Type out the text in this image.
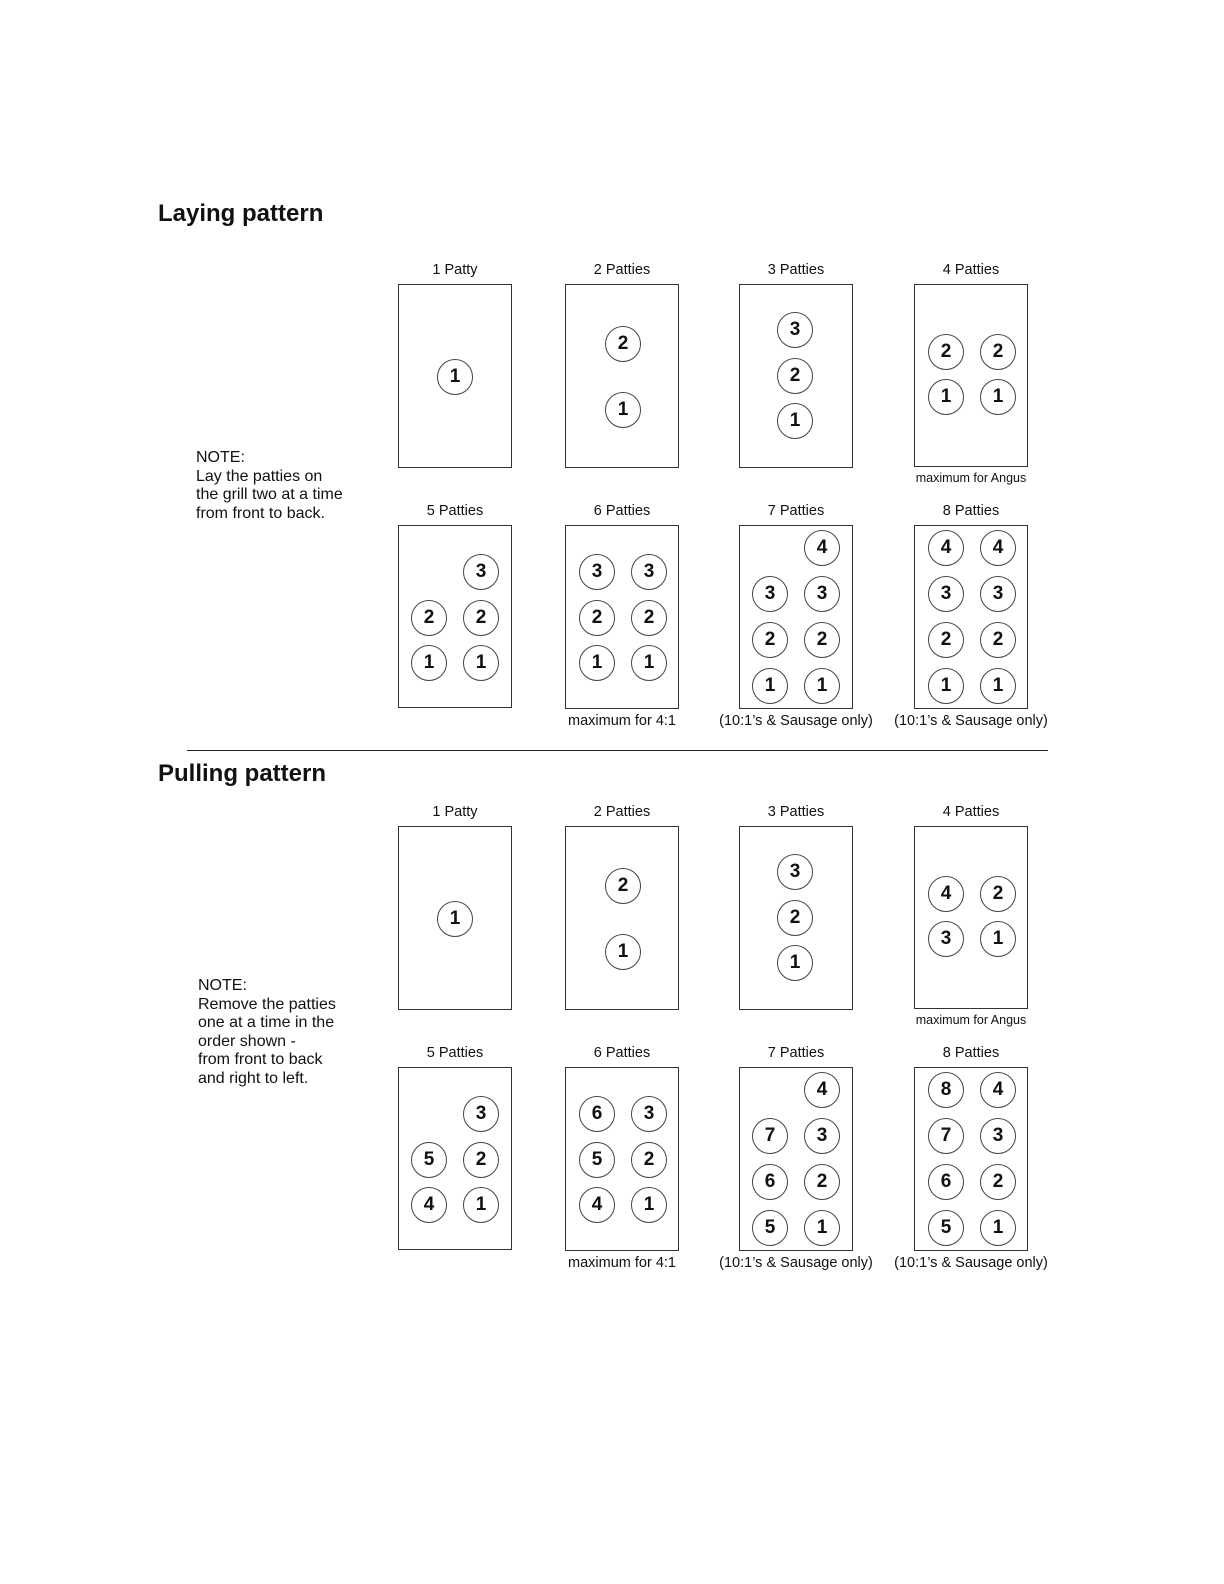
Laying pattern
NOTE:
Lay the patties on
the grill two at a time
from front to back.
1 Patty
1
2 Patties
2
1
3 Patties
3
2
1
4 Patties
2	2
1	1
maximum for Angus
5 Patties
3
2	2
1	1
6 Patties
3	3
2	2
1	1
maximum for 4:1
7 Patties
4
3	3
2	2
1	1
(10:1’s & Sausage only)
8 Patties
4	4
3	3
2	2
1	1
(10:1’s & Sausage only)
Pulling pattern
NOTE:
Remove the patties
one at a time in the
order shown -
from front to back
and right to left.
1 Patty
1
2 Patties
2
1
3 Patties
3
2
1
4 Patties
4	2
3	1
maximum for Angus
5 Patties
3
5	2
4	1
6 Patties
6	3
5	2
4	1
maximum for 4:1
7 Patties
4
7	3
6	2
5	1
(10:1’s & Sausage only)
8 Patties
8	4
7	3
6	2
5	1
(10:1’s & Sausage only)
